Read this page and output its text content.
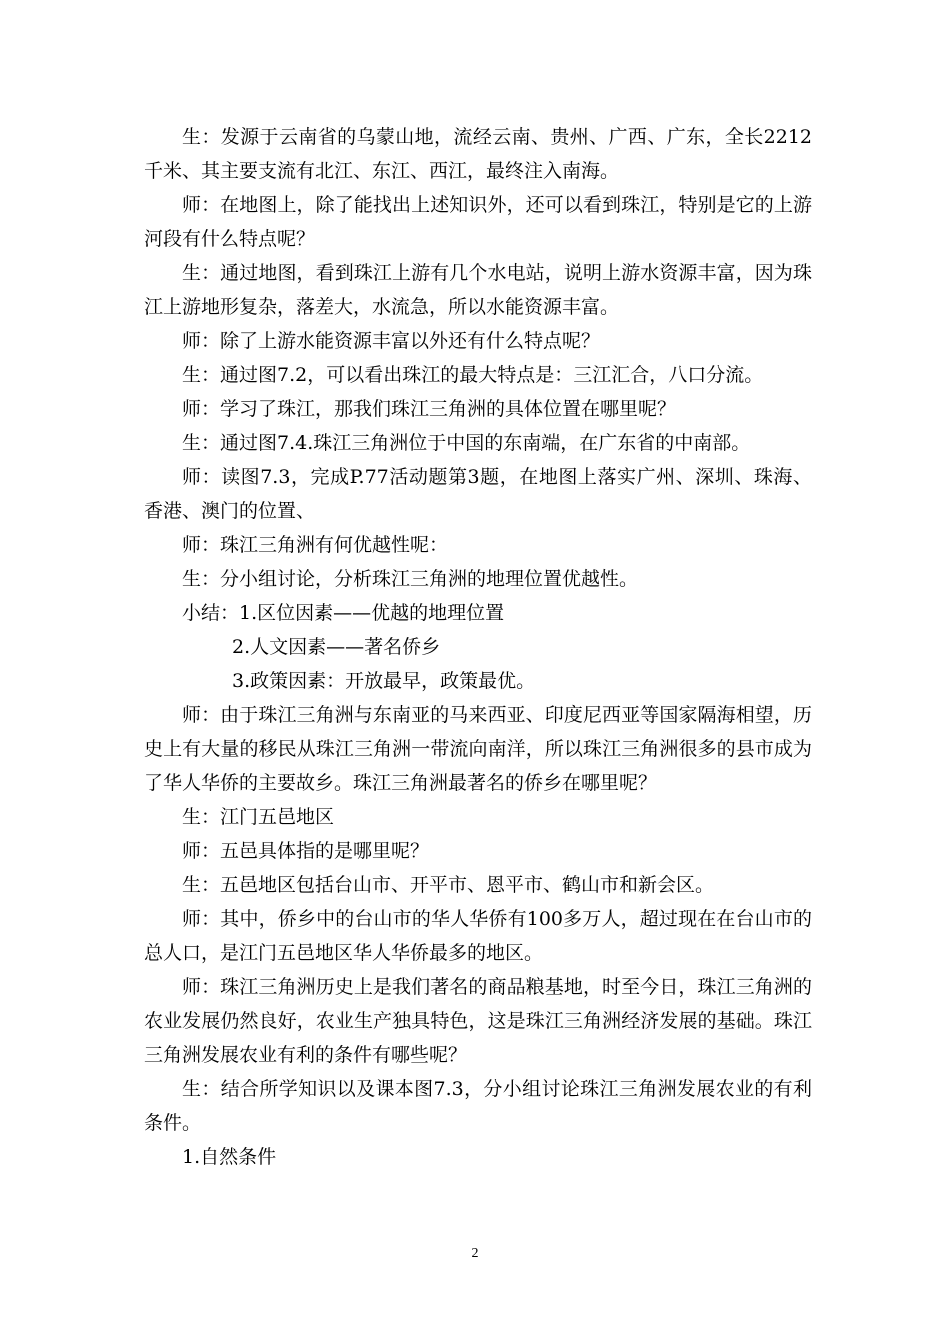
生：发源于云南省的乌蒙山地，流经云南、贵州、广西、广东，全长2212千米、其主要支流有北江、东江、西江，最终注入南海。

师：在地图上，除了能找出上述知识外，还可以看到珠江，特别是它的上游河段有什么特点呢？

生：通过地图，看到珠江上游有几个水电站，说明上游水资源丰富，因为珠江上游地形复杂，落差大，水流急，所以水能资源丰富。

师：除了上游水能资源丰富以外还有什么特点呢？

生：通过图7.2，可以看出珠江的最大特点是：三江汇合，八口分流。

师：学习了珠江，那我们珠江三角洲的具体位置在哪里呢？

生：通过图7.4.珠江三角洲位于中国的东南端，在广东省的中南部。

师：读图7.3，完成P.77活动题第3题，在地图上落实广州、深圳、珠海、香港、澳门的位置、

师：珠江三角洲有何优越性呢：

生：分小组讨论，分析珠江三角洲的地理位置优越性。

小结：1.区位因素——优越的地理位置

2.人文因素——著名侨乡

3.政策因素：开放最早，政策最优。

师：由于珠江三角洲与东南亚的马来西亚、印度尼西亚等国家隔海相望，历史上有大量的移民从珠江三角洲一带流向南洋，所以珠江三角洲很多的县市成为了华人华侨的主要故乡。珠江三角洲最著名的侨乡在哪里呢？

生：江门五邑地区

师：五邑具体指的是哪里呢？

生：五邑地区包括台山市、开平市、恩平市、鹤山市和新会区。

师：其中，侨乡中的台山市的华人华侨有100多万人，超过现在在台山市的总人口，是江门五邑地区华人华侨最多的地区。

师：珠江三角洲历史上是我们著名的商品粮基地，时至今日，珠江三角洲的农业发展仍然良好，农业生产独具特色，这是珠江三角洲经济发展的基础。珠江三角洲发展农业有利的条件有哪些呢？

生：结合所学知识以及课本图7.3，分小组讨论珠江三角洲发展农业的有利条件。

1.自然条件

2
